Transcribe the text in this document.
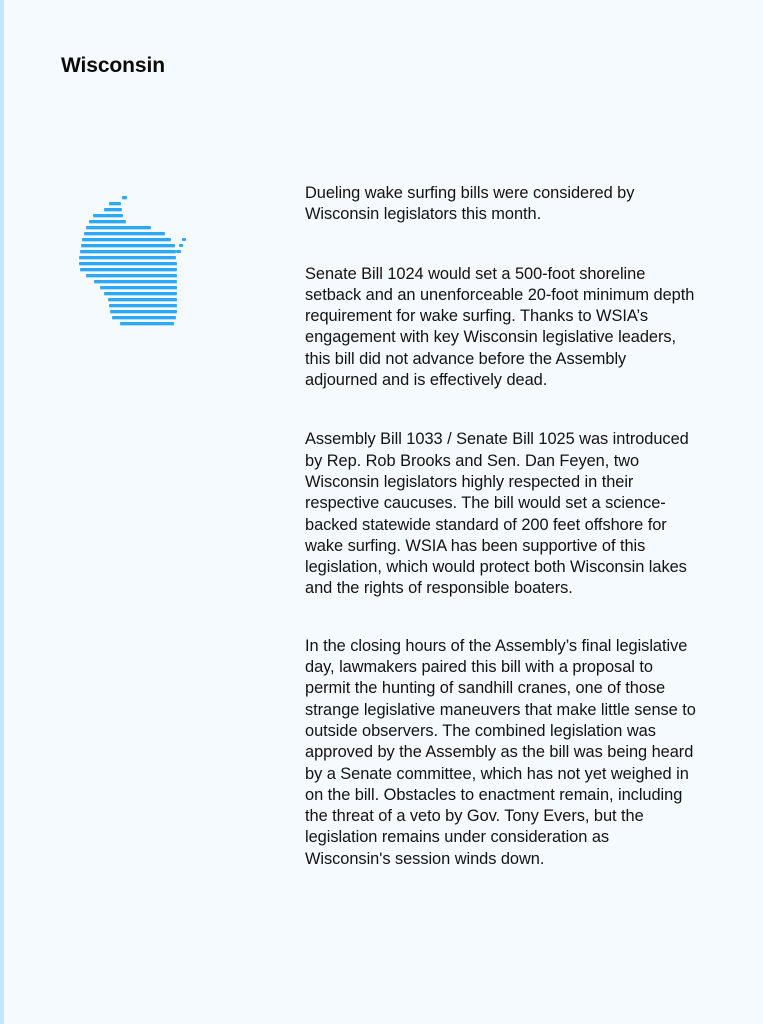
Wisconsin

Dueling wake surfing bills were considered by Wisconsin legislators this month.

Senate Bill 1024 would set a 500-foot shoreline setback and an unenforceable 20-foot minimum depth requirement for wake surfing. Thanks to WSIA’s engagement with key Wisconsin legislative leaders, this bill did not advance before the Assembly adjourned and is effectively dead.

Assembly Bill 1033 / Senate Bill 1025 was introduced by Rep. Rob Brooks and Sen. Dan Feyen, two Wisconsin legislators highly respected in their respective caucuses. The bill would set a science-backed statewide standard of 200 feet offshore for wake surfing. WSIA has been supportive of this legislation, which would protect both Wisconsin lakes and the rights of responsible boaters.

In the closing hours of the Assembly’s final legislative day, lawmakers paired this bill with a proposal to permit the hunting of sandhill cranes, one of those strange legislative maneuvers that make little sense to outside observers. The combined legislation was approved by the Assembly as the bill was being heard by a Senate committee, which has not yet weighed in on the bill. Obstacles to enactment remain, including the threat of a veto by Gov. Tony Evers, but the legislation remains under consideration as Wisconsin's session winds down.
